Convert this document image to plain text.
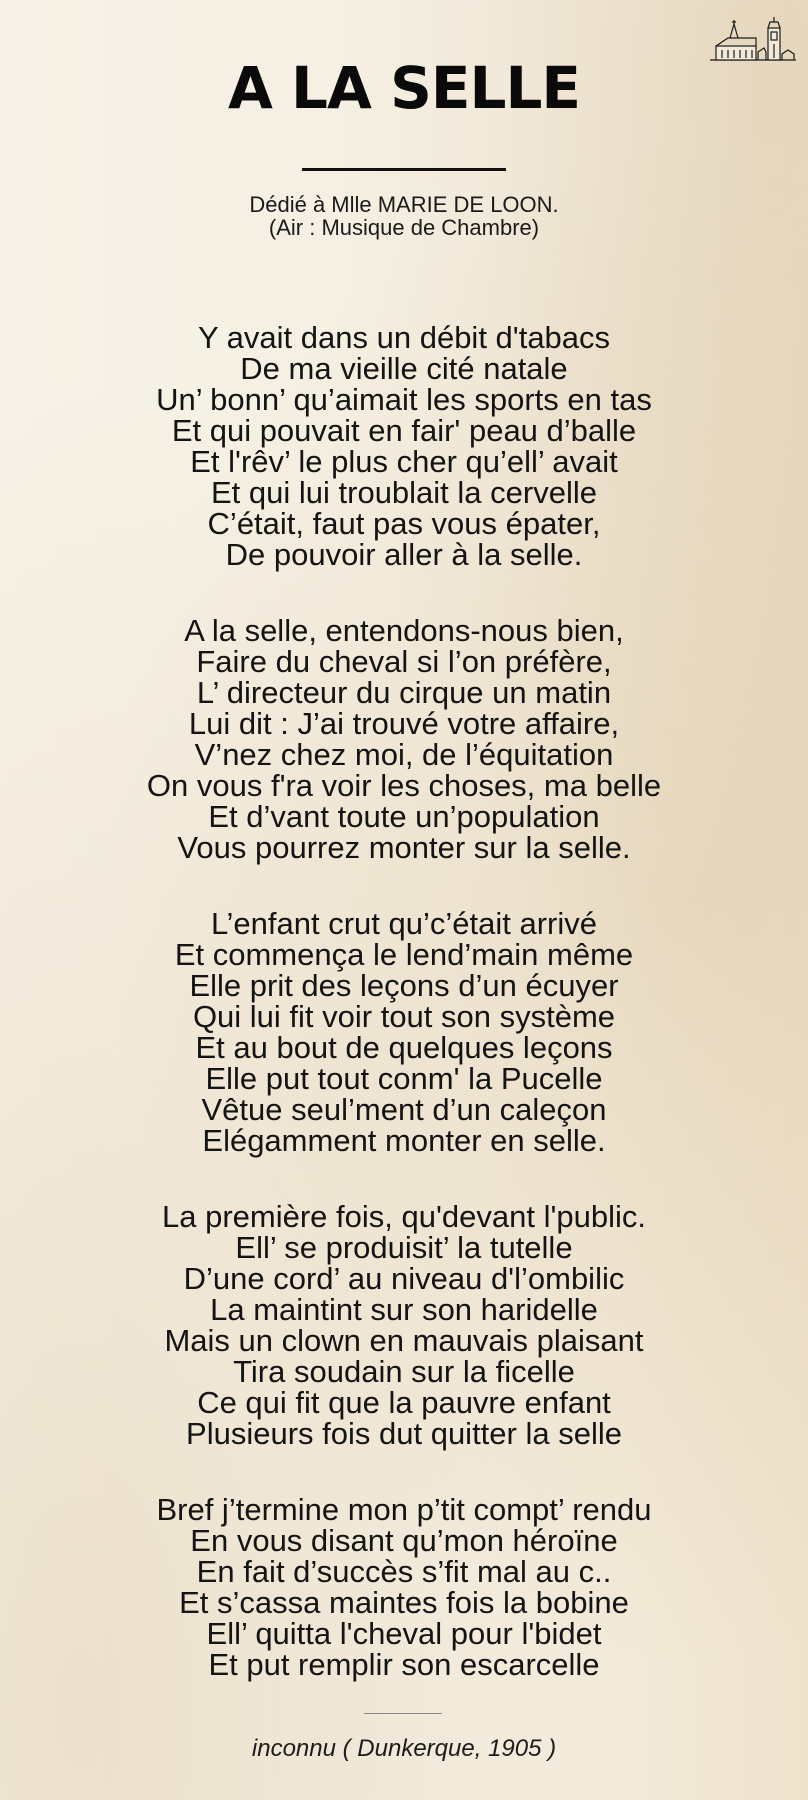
A LA SELLE
Dédié à Mlle MARIE DE LOON.
(Air : Musique de Chambre)
Y avait dans un débit d'tabacs
De ma vieille cité natale
Un’ bonn’ qu’aimait les sports en tas
Et qui pouvait en fair' peau d’balle
Et l'rêv’ le plus cher qu’ell’ avait
Et qui lui troublait la cervelle
C’était, faut pas vous épater,
De pouvoir aller à la selle.
A la selle, entendons-nous bien,
Faire du cheval si l’on préfère,
L’ directeur du cirque un matin
Lui dit : J’ai trouvé votre affaire,
V’nez chez moi, de l’équitation
On vous f'ra voir les choses, ma belle
Et d’vant toute un’population
Vous pourrez monter sur la selle.
L’enfant crut qu’c’était arrivé
Et commença le lend’main même
Elle prit des leçons d’un écuyer
Qui lui fit voir tout son système
Et au bout de quelques leçons
Elle put tout conm' la Pucelle
Vêtue seul’ment d’un caleçon
Elégamment monter en selle.
La première fois, qu'devant l'public.
Ell’ se produisit’ la tutelle
D’une cord’ au niveau d'l’ombilic
La maintint sur son haridelle
Mais un clown en mauvais plaisant
Tira soudain sur la ficelle
Ce qui fit que la pauvre enfant
Plusieurs fois dut quitter la selle
Bref j’termine mon p’tit compt’ rendu
En vous disant qu’mon héroïne
En fait d’succès s’fit mal au c..
Et s’cassa maintes fois la bobine
Ell’ quitta l'cheval pour l'bidet
Et put remplir son escarcelle
inconnu ( Dunkerque, 1905 )
